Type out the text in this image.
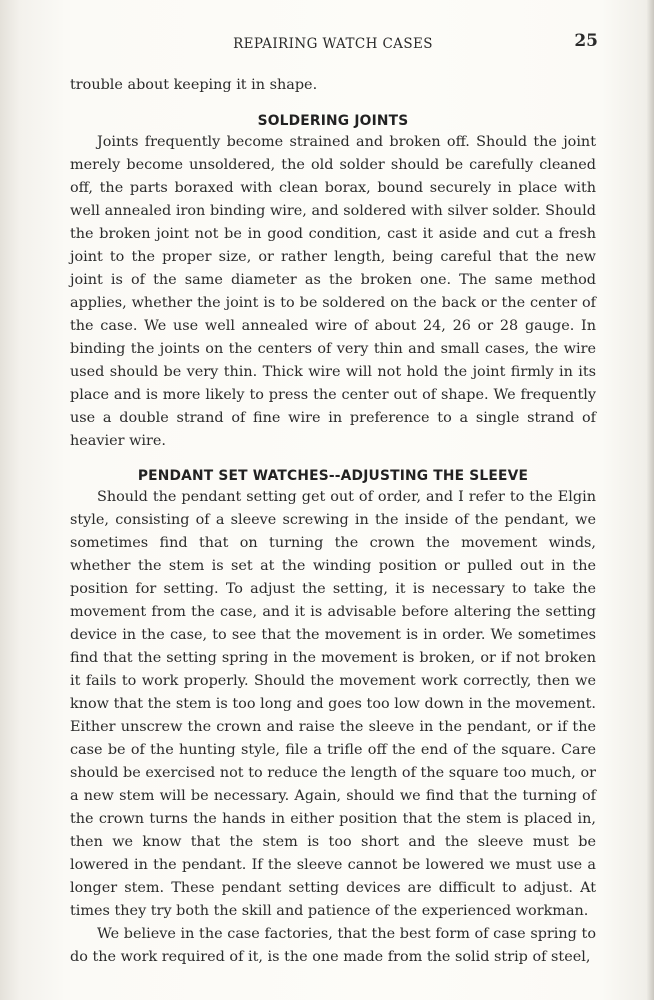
REPAIRING WATCH CASES	25

trouble about keeping it in shape.

SOLDERING JOINTS

Joints frequently become strained and broken off. Should the joint merely become unsoldered, the old solder should be carefully cleaned off, the parts boraxed with clean borax, bound securely in place with well annealed iron binding wire, and soldered with silver solder. Should the broken joint not be in good condition, cast it aside and cut a fresh joint to the proper size, or rather length, being careful that the new joint is of the same diameter as the broken one. The same method applies, whether the joint is to be soldered on the back or the center of the case. We use well annealed wire of about 24, 26 or 28 gauge. In binding the joints on the centers of very thin and small cases, the wire used should be very thin. Thick wire will not hold the joint firmly in its place and is more likely to press the center out of shape. We frequently use a double strand of fine wire in preference to a single strand of heavier wire.

PENDANT SET WATCHES--ADJUSTING THE SLEEVE

Should the pendant setting get out of order, and I refer to the Elgin style, consisting of a sleeve screwing in the inside of the pendant, we sometimes find that on turning the crown the movement winds, whether the stem is set at the winding position or pulled out in the position for setting. To adjust the setting, it is necessary to take the movement from the case, and it is advisable before altering the setting device in the case, to see that the movement is in order. We sometimes find that the setting spring in the movement is broken, or if not broken it fails to work properly. Should the movement work correctly, then we know that the stem is too long and goes too low down in the movement. Either unscrew the crown and raise the sleeve in the pendant, or if the case be of the hunting style, file a trifle off the end of the square. Care should be exercised not to reduce the length of the square too much, or a new stem will be necessary. Again, should we find that the turning of the crown turns the hands in either position that the stem is placed in, then we know that the stem is too short and the sleeve must be lowered in the pendant. If the sleeve cannot be lowered we must use a longer stem. These pendant setting devices are difficult to adjust. At times they try both the skill and patience of the experienced workman.

We believe in the case factories, that the best form of case spring to do the work required of it, is the one made from the solid strip of steel,
